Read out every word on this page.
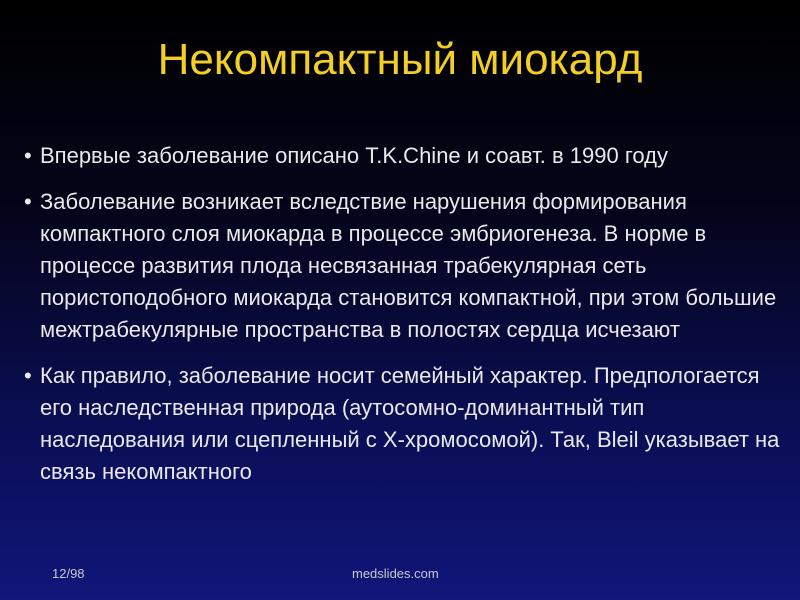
Некомпактный миокард
• Впервые заболевание описано T.K.Chine и соавт. в 1990 году
• Заболевание возникает вследствие нарушения формирования компактного слоя миокарда в процессе эмбриогенеза. В норме в процессе развития плода несвязанная трабекулярная сеть пористоподобного миокарда становится компактной, при этом большие межтрабекулярные пространства в полостях сердца исчезают
• Как правило, заболевание носит семейный характер. Предпологается его наследственная природа (аутосомно-доминантный тип наследования или сцепленный с X-хромосомой). Так, Bleil указывает на связь некомпактного
12/98	medslides.com
